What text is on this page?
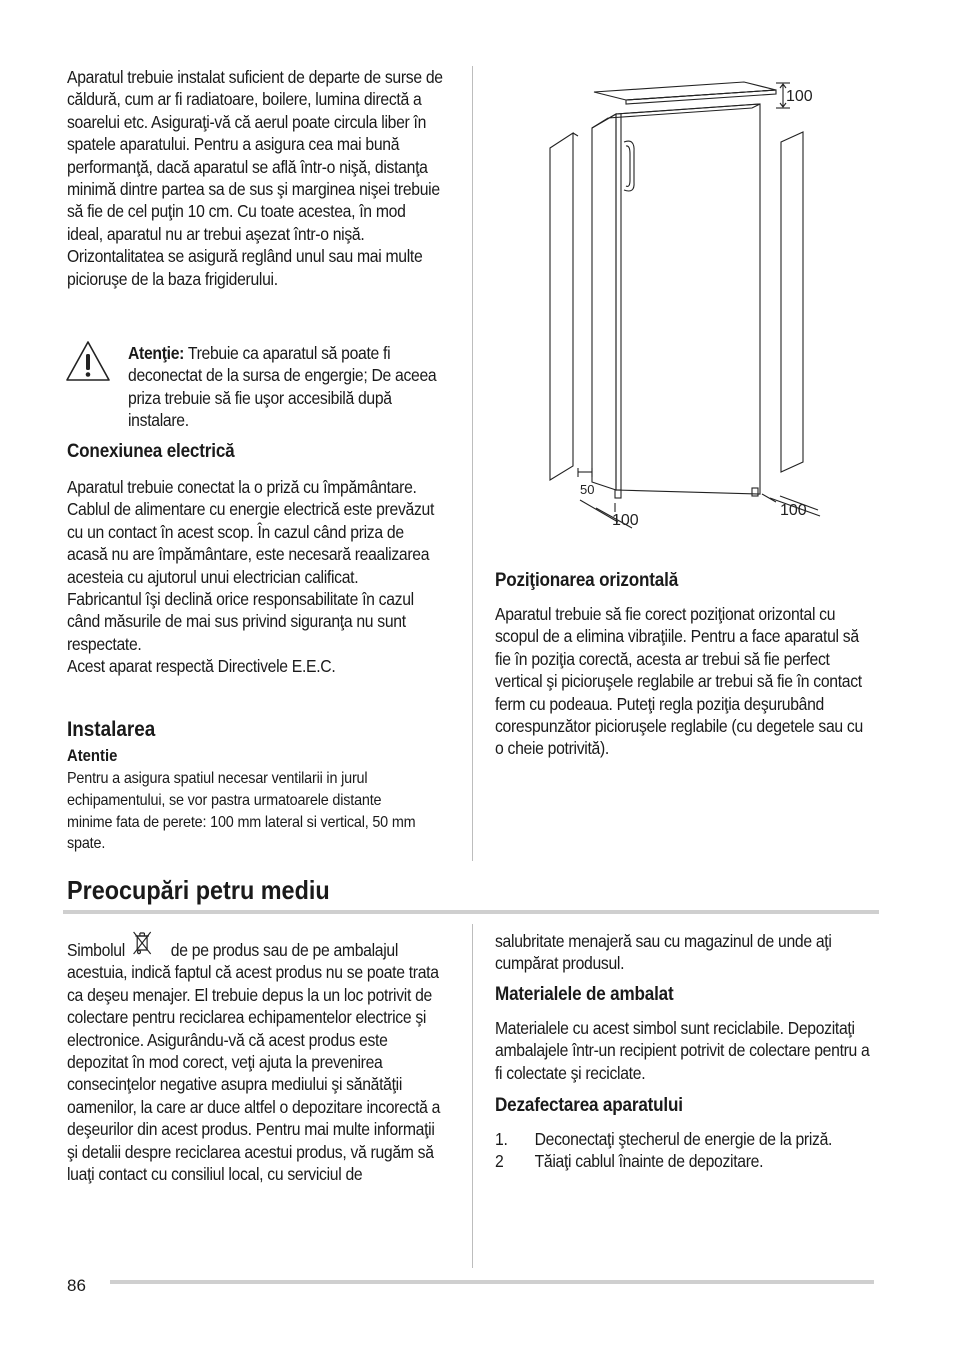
Aparatul trebuie instalat suficient de departe de surse de căldură, cum ar fi radiatoare, boilere, lumina directă a soarelui etc. Asiguraţi-vă că aerul poate circula liber în spatele aparatului. Pentru a asigura cea mai bună performanţă, dacă aparatul se află într-o nişă, distanţa minimă dintre partea sa de sus şi marginea nişei trebuie să fie de cel puţin 10 cm. Cu toate acestea, în mod ideal, aparatul nu ar trebui aşezat într-o nişă. Orizontalitatea se asigură reglând unul sau mai multe picioruşe de la baza frigiderului.

Atenţie: Trebuie ca aparatul să poate fi deconectat de la sursa de engergie; De aceea priza trebuie să fie uşor accesibilă după instalare.

Conexiunea electrică

Aparatul trebuie conectat la o priză cu împământare. Cablul de alimentare cu energie electrică este prevăzut cu un contact în acest scop. În cazul când priza de acasă nu are împământare, este necesară reaalizarea acesteia cu ajutorul unui electrician calificat.

Fabricantul îşi declină orice responsabilitate în cazul când măsurile de mai sus privind siguranţa nu sunt respectate.

Acest aparat respectă Directivele E.E.C.

Instalarea

Atentie

Pentru a asigura spatiul necesar ventilarii in jurul echipamentului, se vor pastra urmatoarele distante minime fata de perete: 100 mm lateral si vertical, 50 mm spate.

100
50
100
100

Poziţionarea orizontală

Aparatul trebuie să fie corect poziţionat orizontal cu scopul de a elimina vibraţiile. Pentru a face aparatul să fie în poziţia corectă, acesta ar trebui să fie perfect vertical şi picioruşele reglabile ar trebui să fie în contact ferm cu podeaua. Puteţi regla poziţia deşurubând corespunzător picioruşele reglabile (cu degetele sau cu o cheie potrivită).

Preocupări petru mediu

Simbolul  de pe produs sau de pe ambalajul acestuia, indică faptul că acest produs nu se poate trata ca deşeu menajer. El trebuie depus la un loc potrivit de colectare pentru reciclarea echipamentelor electrice şi electronice. Asigurându-vă că acest produs este depozitat în mod corect, veţi ajuta la prevenirea consecinţelor negative asupra mediului şi sănătăţii oamenilor, la care ar duce altfel o depozitare incorectă a deşeurilor din acest produs. Pentru mai multe informaţii şi detalii despre reciclarea acestui produs, vă rugăm să luaţi contact cu consiliul local, cu serviciul de

salubritate menajeră sau cu magazinul de unde aţi cumpărat produsul.

Materialele de ambalat

Materialele cu acest simbol sunt reciclabile. Depozitaţi ambalajele într-un recipient potrivit de colectare pentru a fi colectate şi reciclate.

Dezafectarea aparatului

1.	Deconectaţi ştecherul de energie de la priză.
2	Tăiaţi cablul înainte de depozitare.
86
